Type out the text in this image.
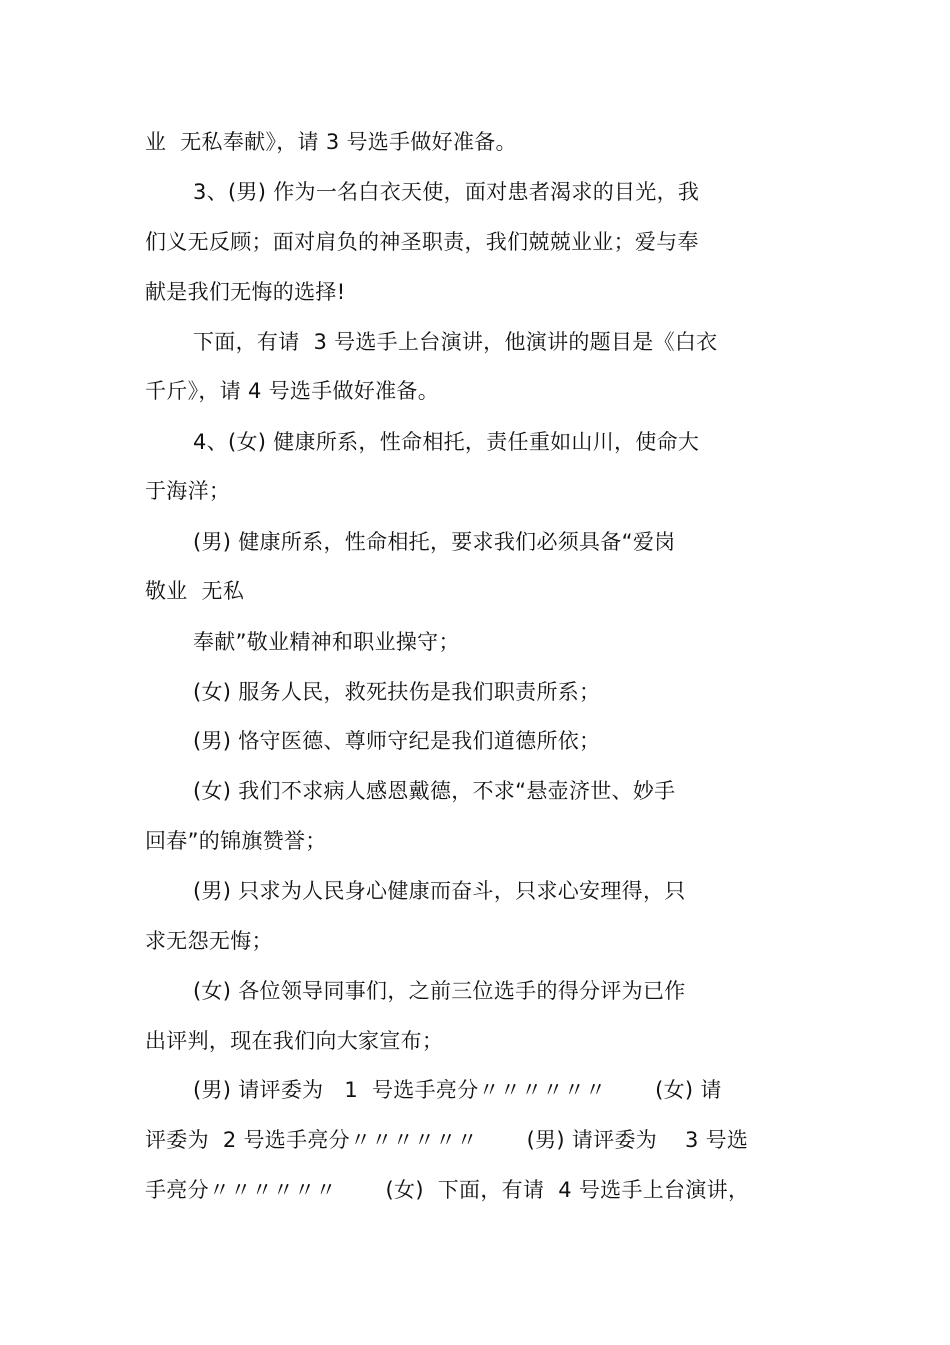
业  无私奉献》，请 3 号选手做好准备。
3、(男) 作为一名白衣天使，面对患者渴求的目光，我
们义无反顾；面对肩负的神圣职责，我们兢兢业业；爱与奉
献是我们无悔的选择!
下面，有请  3 号选手上台演讲，他演讲的题目是《白衣
千斤》，请 4 号选手做好准备。
4、(女) 健康所系，性命相托，责任重如山川，使命大
于海洋；
(男) 健康所系，性命相托，要求我们必须具备“爱岗
敬业  无私
奉献”敬业精神和职业操守；
(女) 服务人民，救死扶伤是我们职责所系；
(男) 恪守医德、尊师守纪是我们道德所依；
(女) 我们不求病人感恩戴德，不求“悬壶济世、妙手
回春”的锦旗赞誉；
(男) 只求为人民身心健康而奋斗，只求心安理得，只
求无怨无悔；
(女) 各位领导同事们，之前三位选手的得分评为已作
出评判，现在我们向大家宣布；
(男) 请评委为   1  号选手亮分〃〃〃〃〃〃       (女) 请
评委为  2 号选手亮分〃〃〃〃〃〃       (男) 请评委为    3 号选
手亮分〃〃〃〃〃〃       (女)  下面，有请  4 号选手上台演讲，
